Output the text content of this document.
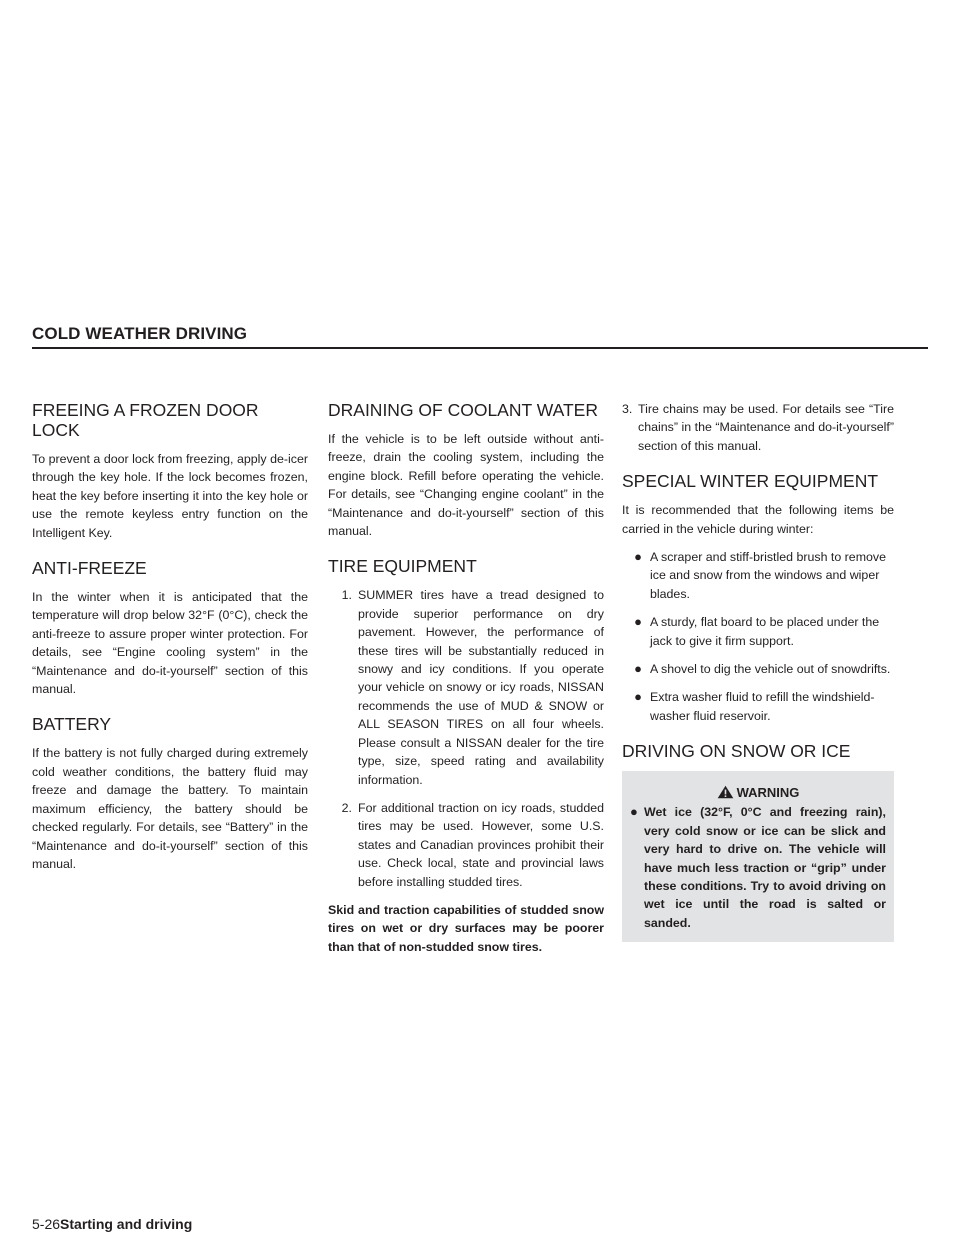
COLD WEATHER DRIVING
FREEING A FROZEN DOOR LOCK

To prevent a door lock from freezing, apply de-icer through the key hole. If the lock becomes frozen, heat the key before inserting it into the key hole or use the remote keyless entry function on the Intelligent Key.

ANTI-FREEZE

In the winter when it is anticipated that the temperature will drop below 32°F (0°C), check the anti-freeze to assure proper winter protection. For details, see “Engine cooling system” in the “Maintenance and do-it-yourself” section of this manual.

BATTERY

If the battery is not fully charged during extremely cold weather conditions, the battery fluid may freeze and damage the battery. To maintain maximum efficiency, the battery should be checked regularly. For details, see “Battery” in the “Maintenance and do-it-yourself” section of this manual.

DRAINING OF COOLANT WATER

If the vehicle is to be left outside without anti-freeze, drain the cooling system, including the engine block. Refill before operating the vehicle. For details, see “Changing engine coolant” in the “Maintenance and do-it-yourself” section of this manual.

TIRE EQUIPMENT
1. SUMMER tires have a tread designed to provide superior performance on dry pavement. However, the performance of these tires will be substantially reduced in snowy and icy conditions. If you operate your vehicle on snowy or icy roads, NISSAN recommends the use of MUD & SNOW or ALL SEASON TIRES on all four wheels. Please consult a NISSAN dealer for the tire type, size, speed rating and availability information.
2. For additional traction on icy roads, studded tires may be used. However, some U.S. states and Canadian provinces prohibit their use. Check local, state and provincial laws before installing studded tires.

Skid and traction capabilities of studded snow tires on wet or dry surfaces may be poorer than that of non-studded snow tires.

3. Tire chains may be used. For details see “Tire chains” in the “Maintenance and do-it-yourself” section of this manual.
SPECIAL WINTER EQUIPMENT

It is recommended that the following items be carried in the vehicle during winter:

● A scraper and stiff-bristled brush to remove ice and snow from the windows and wiper blades.
● A sturdy, flat board to be placed under the jack to give it firm support.
● A shovel to dig the vehicle out of snowdrifts.
● Extra washer fluid to refill the windshield-washer fluid reservoir.
DRIVING ON SNOW OR ICE
WARNING
● Wet ice (32°F, 0°C and freezing rain), very cold snow or ice can be slick and very hard to drive on. The vehicle will have much less traction or “grip” under these conditions. Try to avoid driving on wet ice until the road is salted or sanded.
5-26Starting and driving
